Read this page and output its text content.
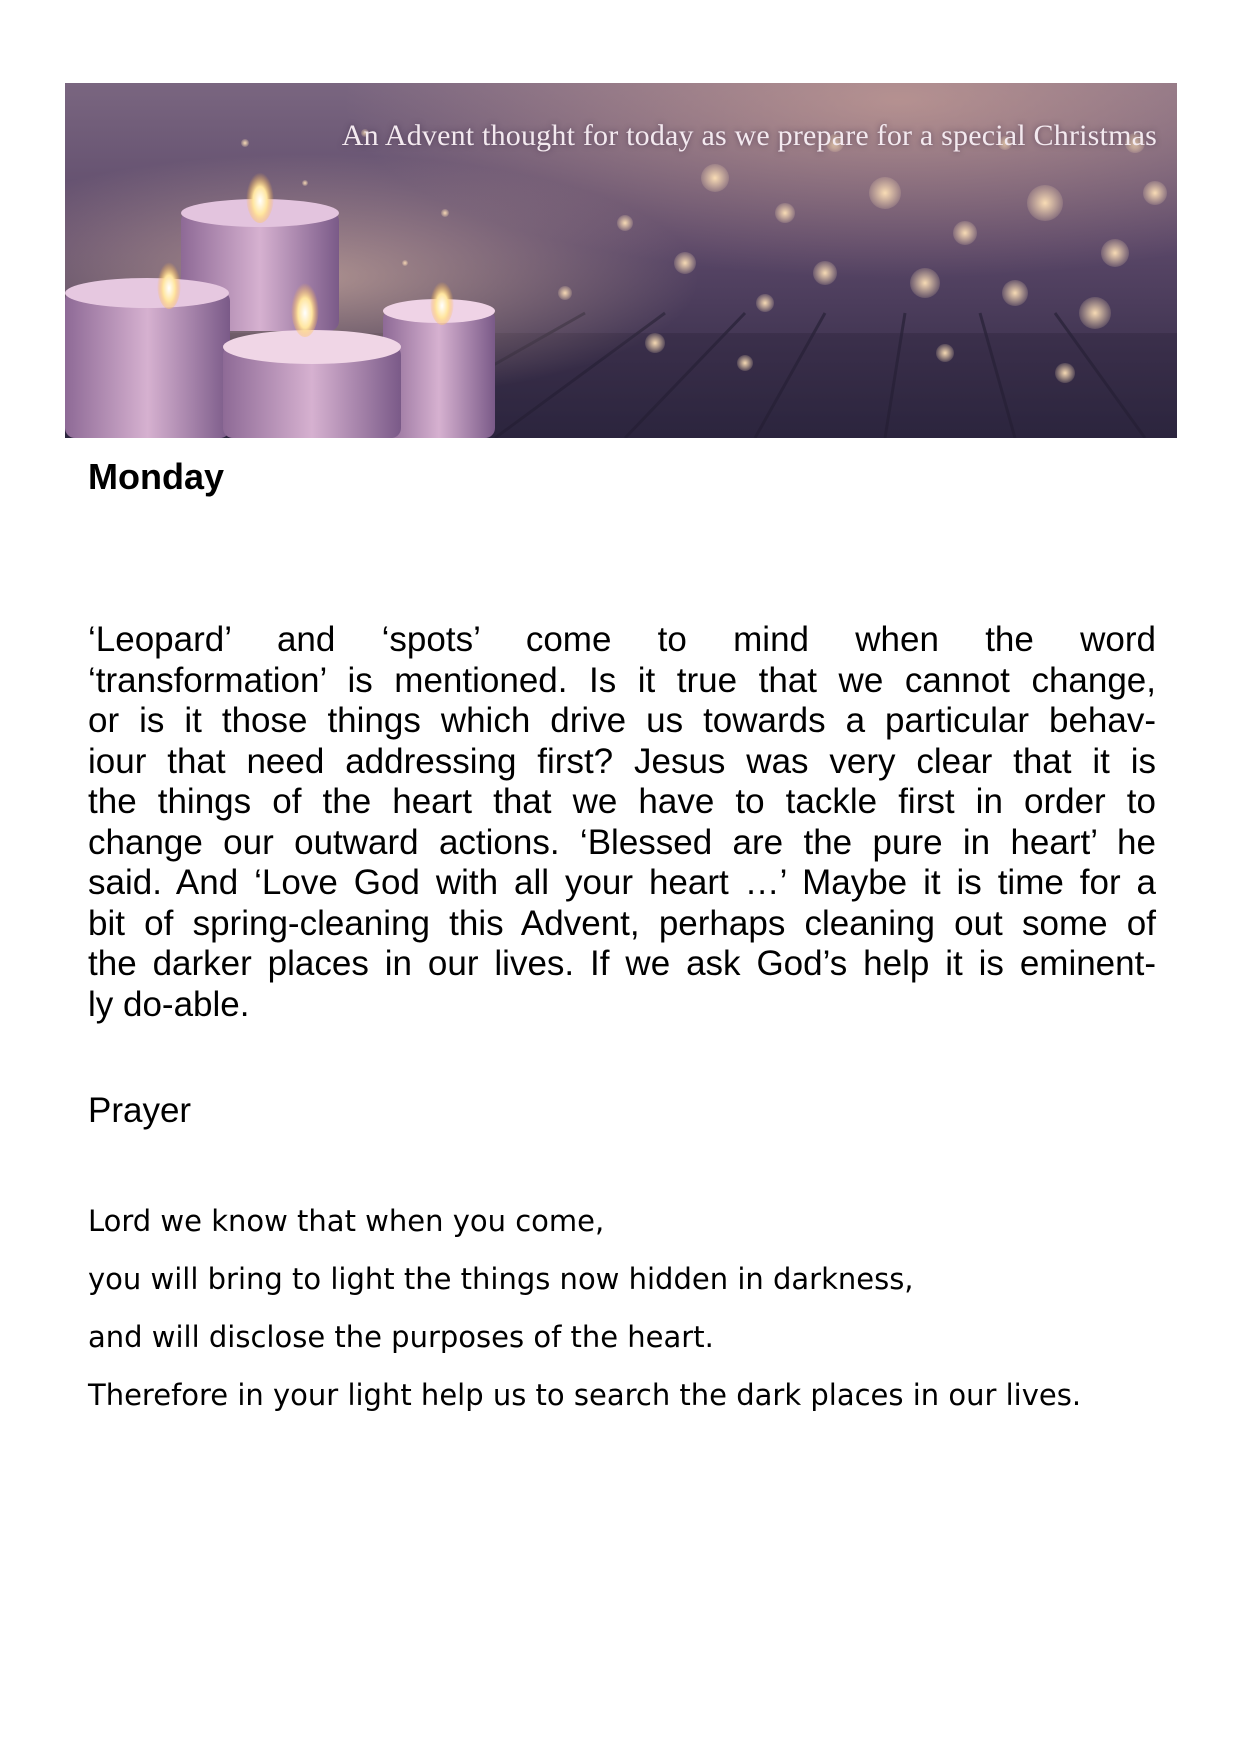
An Advent thought for today as we prepare for a special Christmas
Monday
‘Leopard’ and ‘spots’ come to mind when the word
‘transformation’ is mentioned. Is it true that we cannot change,
or is it those things which drive us towards a particular behav-
iour that need addressing first? Jesus was very clear that it is
the things of the heart that we have to tackle first in order to
change our outward actions. ‘Blessed are the pure in heart’ he
said. And ‘Love God with all your heart …’ Maybe it is time for a
bit of spring-cleaning this Advent, perhaps cleaning out some of
the darker places in our lives. If we ask God’s help it is eminent-
ly do-able.
Prayer
Lord we know that when you come,
you will bring to light the things now hidden in darkness,
and will disclose the purposes of the heart.
Therefore in your light help us to search the dark places in our lives.
